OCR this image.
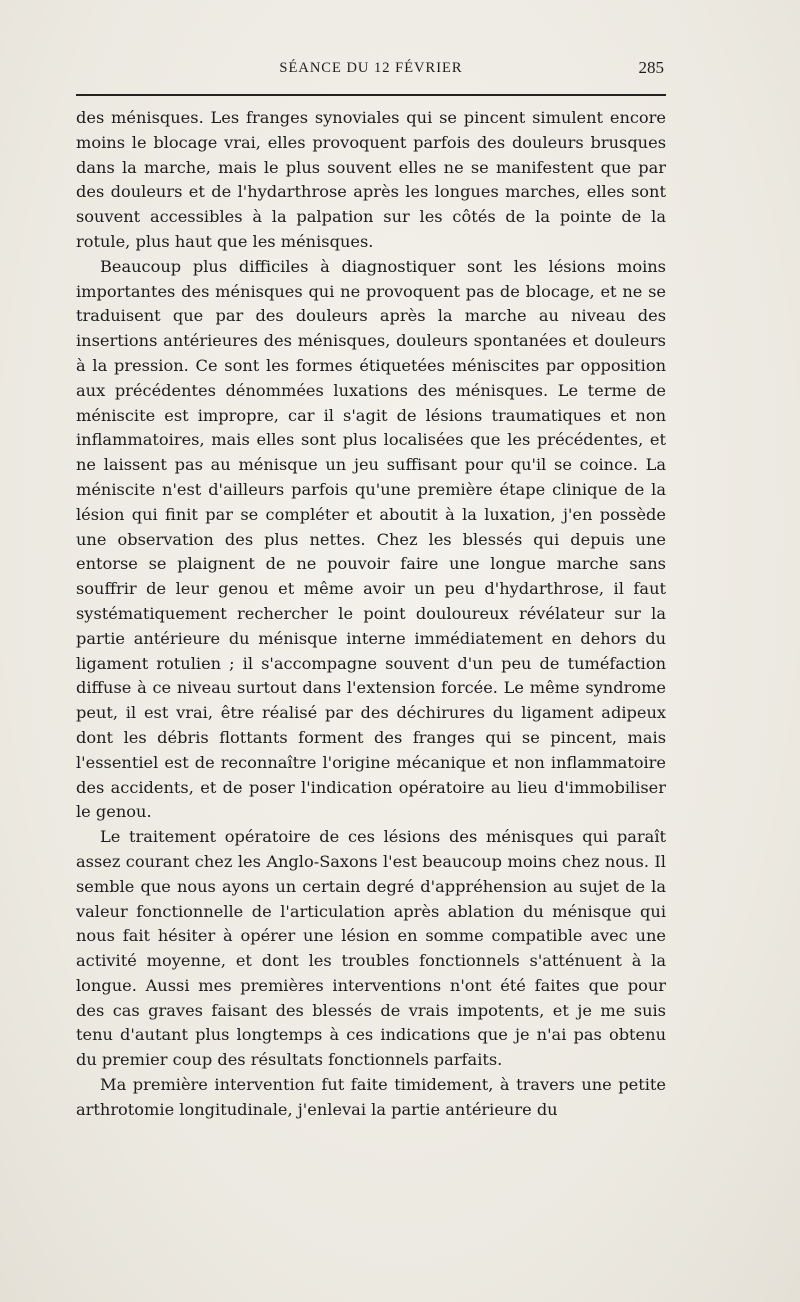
SÉANCE DU 12 FÉVRIER	285

des ménisques. Les franges synoviales qui se pincent simulent encore moins le blocage vrai, elles provoquent parfois des douleurs brusques dans la marche, mais le plus souvent elles ne se manifestent que par des douleurs et de l'hydarthrose après les longues marches, elles sont souvent accessibles à la palpation sur les côtés de la pointe de la rotule, plus haut que les ménisques.

Beaucoup plus difficiles à diagnostiquer sont les lésions moins importantes des ménisques qui ne provoquent pas de blocage, et ne se traduisent que par des douleurs après la marche au niveau des insertions antérieures des ménisques, douleurs spontanées et douleurs à la pression. Ce sont les formes étiquetées méniscites par opposition aux précédentes dénommées luxations des ménisques. Le terme de méniscite est impropre, car il s'agit de lésions traumatiques et non inflammatoires, mais elles sont plus localisées que les précédentes, et ne laissent pas au ménisque un jeu suffisant pour qu'il se coince. La méniscite n'est d'ailleurs parfois qu'une première étape clinique de la lésion qui finit par se compléter et aboutit à la luxation, j'en possède une observation des plus nettes. Chez les blessés qui depuis une entorse se plaignent de ne pouvoir faire une longue marche sans souffrir de leur genou et même avoir un peu d'hydarthrose, il faut systématiquement rechercher le point douloureux révélateur sur la partie antérieure du ménisque interne immédiatement en dehors du ligament rotulien ; il s'accompagne souvent d'un peu de tuméfaction diffuse à ce niveau surtout dans l'extension forcée. Le même syndrome peut, il est vrai, être réalisé par des déchirures du ligament adipeux dont les débris flottants forment des franges qui se pincent, mais l'essentiel est de reconnaître l'origine mécanique et non inflammatoire des accidents, et de poser l'indication opératoire au lieu d'immobiliser le genou.

Le traitement opératoire de ces lésions des ménisques qui paraît assez courant chez les Anglo-Saxons l'est beaucoup moins chez nous. Il semble que nous ayons un certain degré d'appréhension au sujet de la valeur fonctionnelle de l'articulation après ablation du ménisque qui nous fait hésiter à opérer une lésion en somme compatible avec une activité moyenne, et dont les troubles fonctionnels s'atténuent à la longue. Aussi mes premières interventions n'ont été faites que pour des cas graves faisant des blessés de vrais impotents, et je me suis tenu d'autant plus longtemps à ces indications que je n'ai pas obtenu du premier coup des résultats fonctionnels parfaits.

Ma première intervention fut faite timidement, à travers une petite arthrotomie longitudinale, j'enlevai la partie antérieure du
